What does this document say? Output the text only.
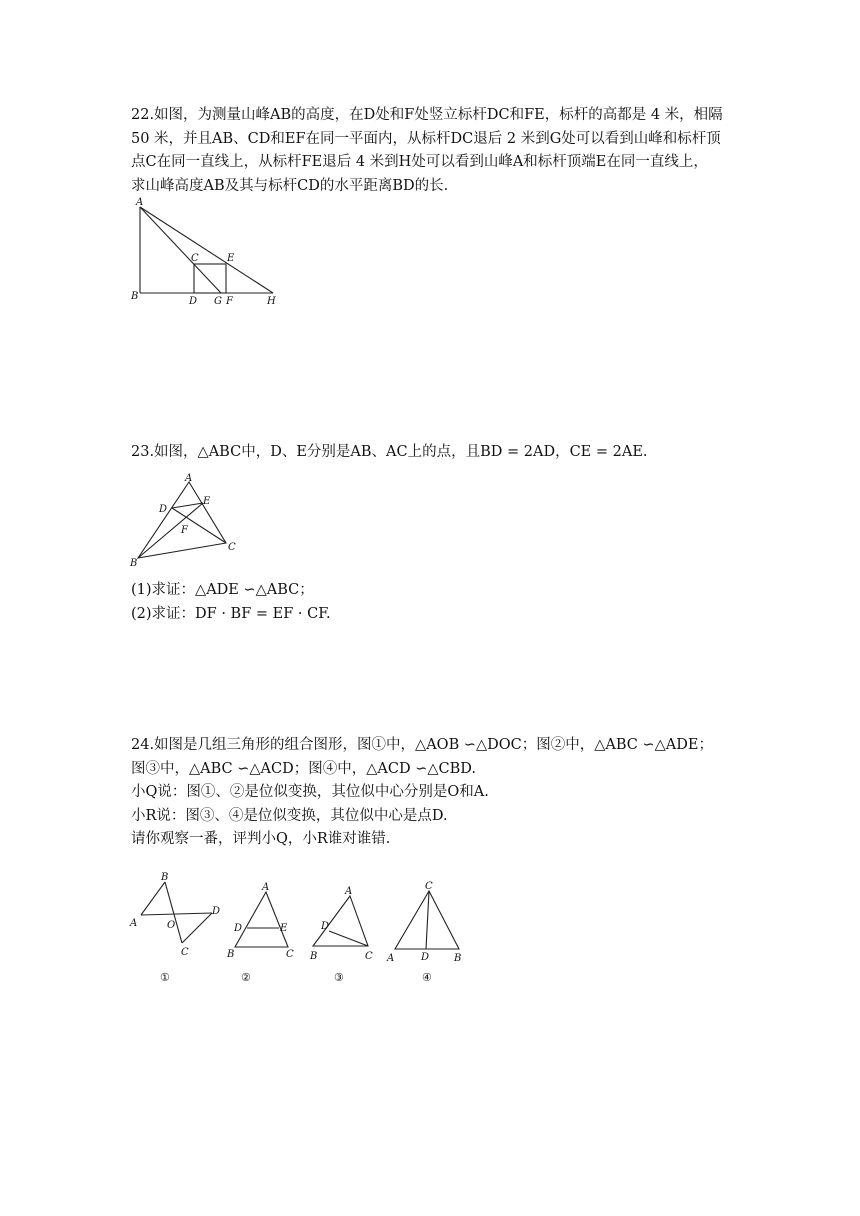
22.如图，为测量山峰AB的高度，在D处和F处竖立标杆DC和FE，标杆的高都是 4 米，相隔

50 米，并且AB、CD和EF在同一平面内，从标杆DC退后 2 米到G处可以看到山峰和标杆顶

点C在同一直线上，从标杆FE退后 4 米到H处可以看到山峰A和标杆顶端E在同一直线上，

求山峰高度AB及其与标杆CD的水平距离BD的长.

A
B
C
D
E
F
G	H

23.如图，△ABC中，D、E分别是AB、AC上的点，且BD = 2AD，CE = 2AE.

A
B
C
D
E
F

(1)求证：△ADE ∽△ABC；

(2)求证：DF · BF = EF · CF.

24.如图是几组三角形的组合图形，图①中，△AOB ∽△DOC；图②中，△ABC ∽△ADE；

图③中，△ABC ∽△ACD；图④中，△ACD ∽△CBD.

小Q说：图①、②是位似变换，其位似中心分别是O和A.

小R说：图③、④是位似变换，其位似中心是点D.

请你观察一番，评判小Q，小R谁对谁错.

B
A	O
D
C
①
A
D	E
B	C
②
A
D
B	C
③
C
A	D B
④
